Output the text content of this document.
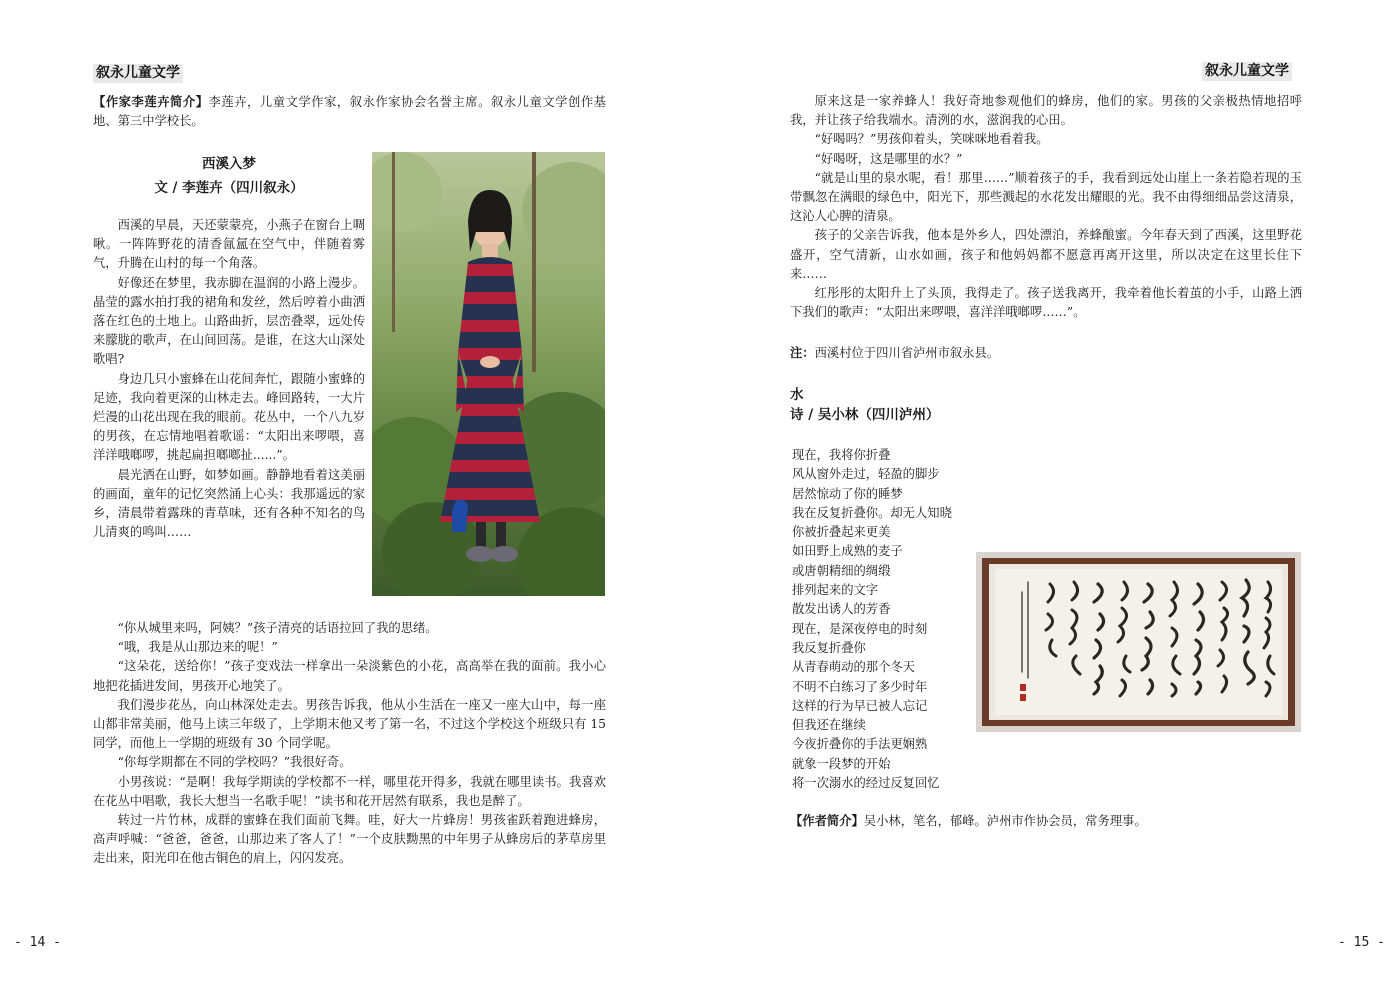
叙永儿童文学

【作家李莲卉简介】李莲卉，儿童文学作家，叙永作家协会名誉主席。叙永儿童文学创作基地、第三中学校长。

西溪入梦
文 / 李莲卉（四川叙永）

西溪的早晨，天还蒙蒙亮，小燕子在窗台上啁啾。一阵阵野花的清香氤氲在空气中，伴随着雾气，升腾在山村的每一个角落。

好像还在梦里，我赤脚在温润的小路上漫步。晶莹的露水拍打我的裙角和发丝，然后哼着小曲洒落在红色的土地上。山路曲折，层峦叠翠，远处传来朦胧的歌声，在山间回荡。是谁，在这大山深处歌唱?

身边几只小蜜蜂在山花间奔忙，跟随小蜜蜂的足迹，我向着更深的山林走去。峰回路转，一大片烂漫的山花出现在我的眼前。花丛中，一个八九岁的男孩，在忘情地唱着歌谣：“太阳出来啰喂，喜洋洋哦啷啰，挑起扁担啷啷扯......”。

晨光洒在山野，如梦如画。静静地看着这美丽的画面，童年的记忆突然涌上心头：我那遥远的家乡，清晨带着露珠的青草味，还有各种不知名的鸟儿清爽的鸣叫……

“你从城里来吗，阿姨？”孩子清亮的话语拉回了我的思绪。

“哦，我是从山那边来的呢！”

“这朵花，送给你！”孩子变戏法一样拿出一朵淡紫色的小花，高高举在我的面前。我小心地把花插进发间，男孩开心地笑了。

我们漫步花丛，向山林深处走去。男孩告诉我，他从小生活在一座又一座大山中，每一座山都非常美丽，他马上读三年级了，上学期末他又考了第一名，不过这个学校这个班级只有 15 同学，而他上一学期的班级有 30 个同学呢。

“你每学期都在不同的学校吗？”我很好奇。

小男孩说：“是啊！我每学期读的学校都不一样，哪里花开得多，我就在哪里读书。我喜欢在花丛中唱歌，我长大想当一名歌手呢！”读书和花开居然有联系，我也是醉了。

转过一片竹林，成群的蜜蜂在我们面前飞舞。哇，好大一片蜂房！男孩雀跃着跑进蜂房，高声呼喊：“爸爸，爸爸，山那边来了客人了！”一个皮肤黝黑的中年男子从蜂房后的茅草房里走出来，阳光印在他古铜色的肩上，闪闪发亮。

- 14 -
叙永儿童文学

原来这是一家养蜂人！我好奇地参观他们的蜂房，他们的家。男孩的父亲极热情地招呼我，并让孩子给我端水。清洌的水，滋润我的心田。

“好喝吗？”男孩仰着头，笑咪咪地看着我。

“好喝呀，这是哪里的水？”

“就是山里的泉水呢，看！那里……”顺着孩子的手，我看到远处山崖上一条若隐若现的玉带飘忽在满眼的绿色中，阳光下，那些溅起的水花发出耀眼的光。我不由得细细品尝这清泉，这沁人心脾的清泉。

孩子的父亲告诉我，他本是外乡人，四处漂泊，养蜂酿蜜。今年春天到了西溪，这里野花盛开，空气清新，山水如画，孩子和他妈妈都不愿意再离开这里，所以决定在这里长住下来……

红彤彤的太阳升上了头顶，我得走了。孩子送我离开，我牵着他长着茧的小手，山路上洒下我们的歌声：“太阳出来啰喂，喜洋洋哦啷啰……”。

注：西溪村位于四川省泸州市叙永县。

水
诗 / 吴小林（四川泸州）
现在，我将你折叠
风从窗外走过，轻盈的脚步
居然惊动了你的睡梦
我在反复折叠你。却无人知晓
你被折叠起来更美
如田野上成熟的麦子
或唐朝精细的绸缎
排列起来的文字
散发出诱人的芳香
现在，是深夜停电的时刻
我反复折叠你
从青春萌动的那个冬天
不明不白练习了多少时年
这样的行为早已被人忘记
但我还在继续
今夜折叠你的手法更娴熟
就象一段梦的开始
将一次溺水的经过反复回忆

【作者简介】吴小林，笔名，郁峰。泸州市作协会员，常务理事。

- 15 -
